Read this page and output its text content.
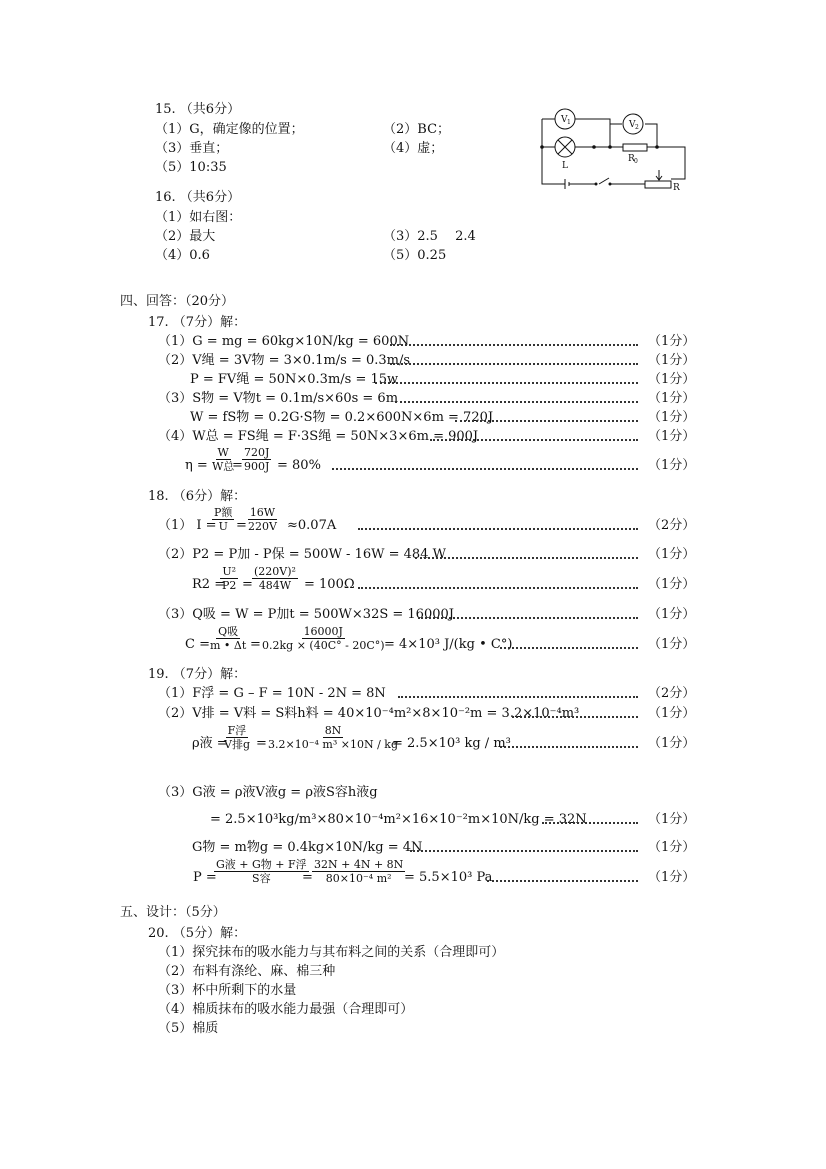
15. （共6分）
（1）G，确定像的位置；	（2）BC；
（3）垂直；	（4）虚；
（5）10:35
V 1	V 2
R 0
L
R
16. （共6分）
（1）如右图：
（2）最大	（3）2.5　 2.4
（4）0.6	（5）0.25
四、回答：（20分）
17. （7分）解：
（1）G = mg = 60kg×10N/kg = 600N	（1分）
（2）V绳 = 3V物 = 3×0.1m/s = 0.3m/s	（1分）
P = FV绳 = 50N×0.3m/s = 15w	（1分）
（3）S物 = V物t = 0.1m/s×60s = 6m	（1分）
W = fS物 = 0.2G·S物 = 0.2×600N×6m = 720J	（1分）
（4）W总 = FS绳 = F·3S绳 = 50N×3×6m = 900J	（1分）
η =
W
W总
= $\frac{720J}{900J} = 80\%$	（1分）
18. （6分）解：
（1） I =
P额
$U = \frac{16W}{220V} \approx 0.07A$	（2分）
（2）P2 = P加 - P保 = 500W - 16W = 484 W	（1分）
R2 =
$\frac{\text{U²}}{P2} = \frac{\text{(220V)²}}{484W} = 100\Omega$	（1分）
（3）Q吸 = W = P加t = 500W×32S = 16000J	（1分）
C =
Q吸
m • $\Delta t = \frac{16000J}{0.2kg \times (40C^\circ - 20C^\circ)}$
= 4×10³ J/(kg • C°)	（1分）
19. （7分）解：
（1）F浮 = G – F = 10N - 2N = 8N	（2分）
（2）V排 = V料 = S料h料 = 40×10⁻⁴m²×8×10⁻²m = 3.2×10⁻⁴m³	（1分）
ρ液 =
F浮
V排$g = \frac{8N}{\text{3.2×10⁻⁴ m³ ×10N / kg}}$
= 2.5×10³ kg / m³	（1分）
（3）G液 = ρ液V液g = ρ液S容h液g
= 2.5×10³kg/m³×80×10⁻⁴m²×16×10⁻²m×10N/kg = 32N	（1分）
G物 = m物g = 0.4kg×10N/kg = 4N	（1分）
P =
G液 + G物 + F浮
S容 = $\frac{32N + 4N + 8N}{\text{80×10⁻⁴ m²}}$
= 5.5×10³ Pa	（1分）
五、设计：（5分）
20. （5分）解：
（1）探究抹布的吸水能力与其布料之间的关系（合理即可）
（2）布料有涤纶、麻、棉三种
（3）杯中所剩下的水量
（4）棉质抹布的吸水能力最强（合理即可）
（5）棉质
